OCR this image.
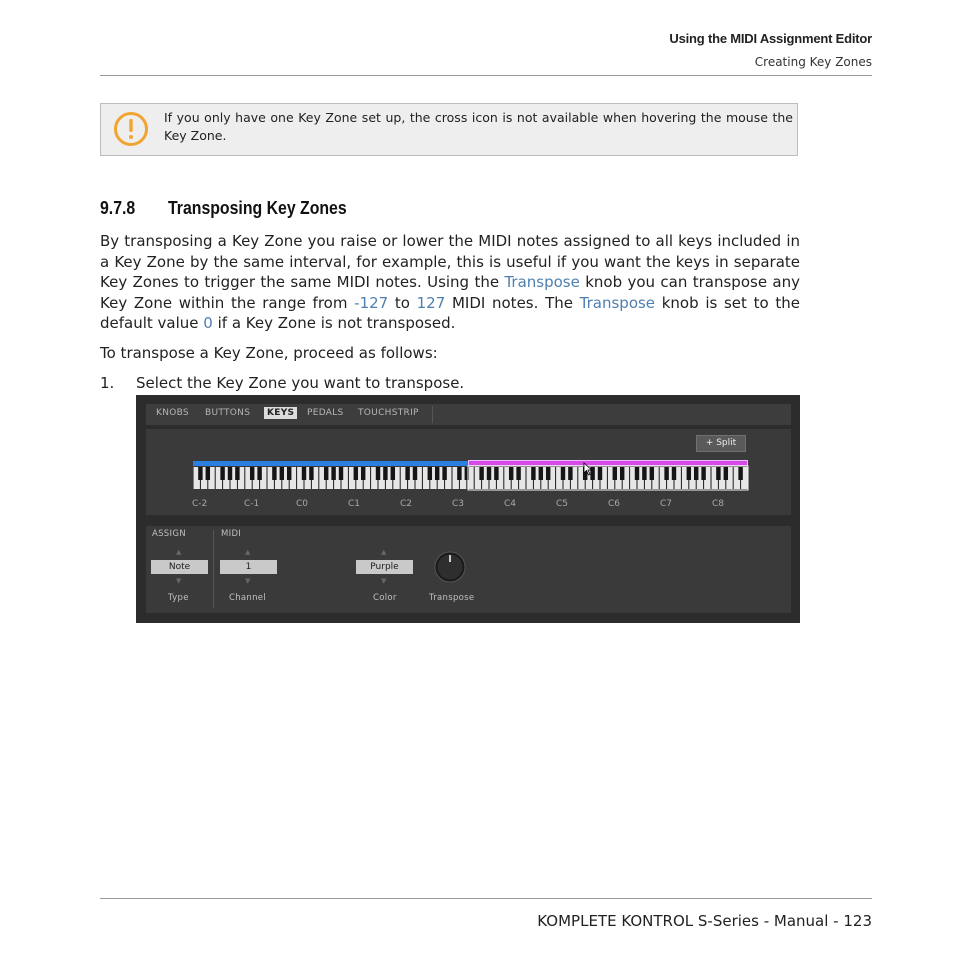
Using the MIDI Assignment Editor
Creating Key Zones
If you only have one Key Zone set up, the cross icon is not available when hovering the mouse the Key Zone.
9.7.8 Transposing Key Zones
By transposing a Key Zone you raise or lower the MIDI notes assigned to all keys included in a Key Zone by the same interval, for example, this is useful if you want the keys in separate Key Zones to trigger the same MIDI notes. Using the Transpose knob you can transpose any Key Zone within the range from -127 to 127 MIDI notes. The Transpose knob is set to the default value 0 if a Key Zone is not transposed.
To transpose a Key Zone, proceed as follows:
1. Select the Key Zone you want to transpose.
KNOBS BUTTONS	KEYS	PEDALS TOUCHSTRIP
+ Split
C-2	C-1	C0	C1	C2	C3	C4	C5	C6	C7	C8
ASSIGN	MIDI
▲
Note
▼
Type
▲
1
▼
Channel
▲
Purple
▼
Color	Transpose
KOMPLETE KONTROL S-Series - Manual - 123
